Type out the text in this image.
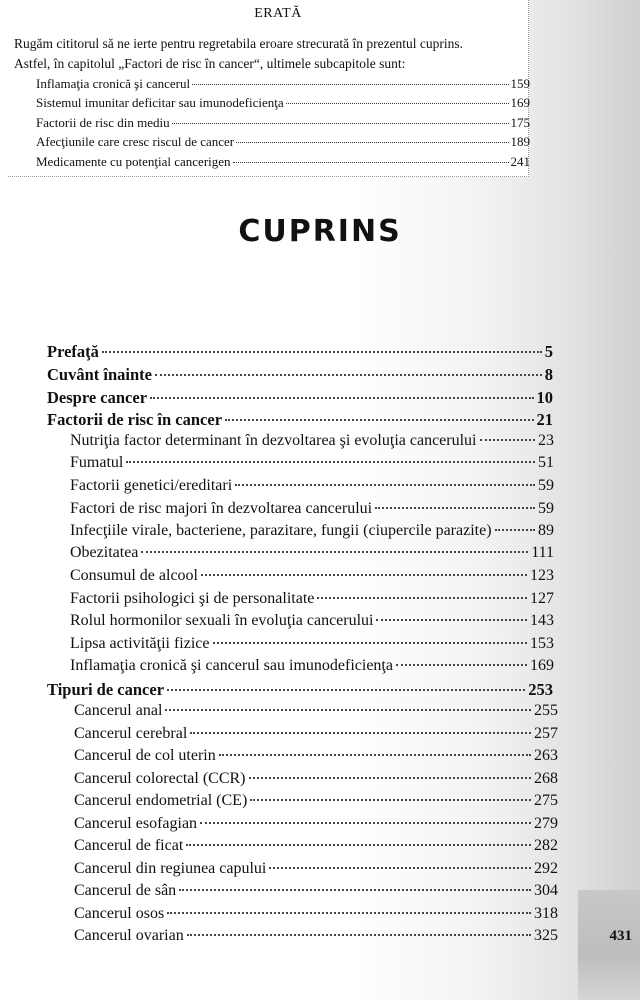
ERATĂ
Rugăm cititorul să ne ierte pentru regretabila eroare strecurată în prezentul cuprins.
Astfel, în capitolul „Factori de risc în cancer“, ultimele subcapitole sunt:
Inflamaţia cronică şi cancerul	159
Sistemul imunitar deficitar sau imunodeficienţa	169
Factorii de risc din mediu	175
Afecţiunile care cresc riscul de cancer	189
Medicamente cu potenţial cancerigen	241
CUPRINS
Prefaţă	5
Cuvânt înainte	8
Despre cancer	10
Factorii de risc în cancer	21
Nutriţia factor determinant în dezvoltarea şi evoluţia cancerului	23
Fumatul	51
Factorii genetici/ereditari	59
Factori de risc majori în dezvoltarea cancerului	59
Infecţiile virale, bacteriene, parazitare, fungii (ciupercile parazite)	89
Obezitatea	111
Consumul de alcool	123
Factorii psihologici şi de personalitate	127
Rolul hormonilor sexuali în evoluţia cancerului	143
Lipsa activităţii fizice	153
Inflamaţia cronică şi cancerul sau imunodeficienţa	169
Tipuri de cancer	253
Cancerul anal	255
Cancerul cerebral	257
Cancerul de col uterin	263
Cancerul colorectal (CCR)	268
Cancerul endometrial (CE)	275
Cancerul esofagian	279
Cancerul de ficat	282
Cancerul din regiunea capului	292
Cancerul de sân	304
Cancerul osos	318
Cancerul ovarian	325	431
